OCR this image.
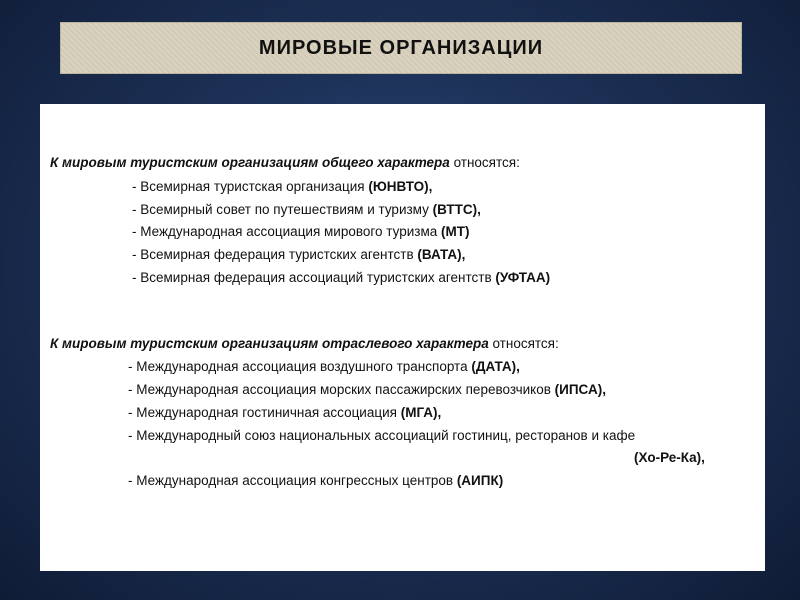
МИРОВЫЕ ОРГАНИЗАЦИИ
К мировым туристским организациям общего характера относятся:
- Всемирная туристская организация (ЮНВТО),
- Всемирный совет по путешествиям и туризму (ВТТС),
- Международная ассоциация мирового туризма (МТ)
- Всемирная федерация туристских агентств (ВАТА),
- Всемирная федерация ассоциаций туристских агентств (УФТАА)
К мировым туристским организациям отраслевого характера относятся:
- Международная ассоциация воздушного транспорта (ДАТА),
- Международная ассоциация морских пассажирских перевозчиков (ИПСА),
- Международная гостиничная ассоциация (МГА),
- Международный союз национальных ассоциаций гостиниц, ресторанов и кафе
(Хо-Ре-Ка),
- Международная ассоциация конгрессных центров (АИПК)
